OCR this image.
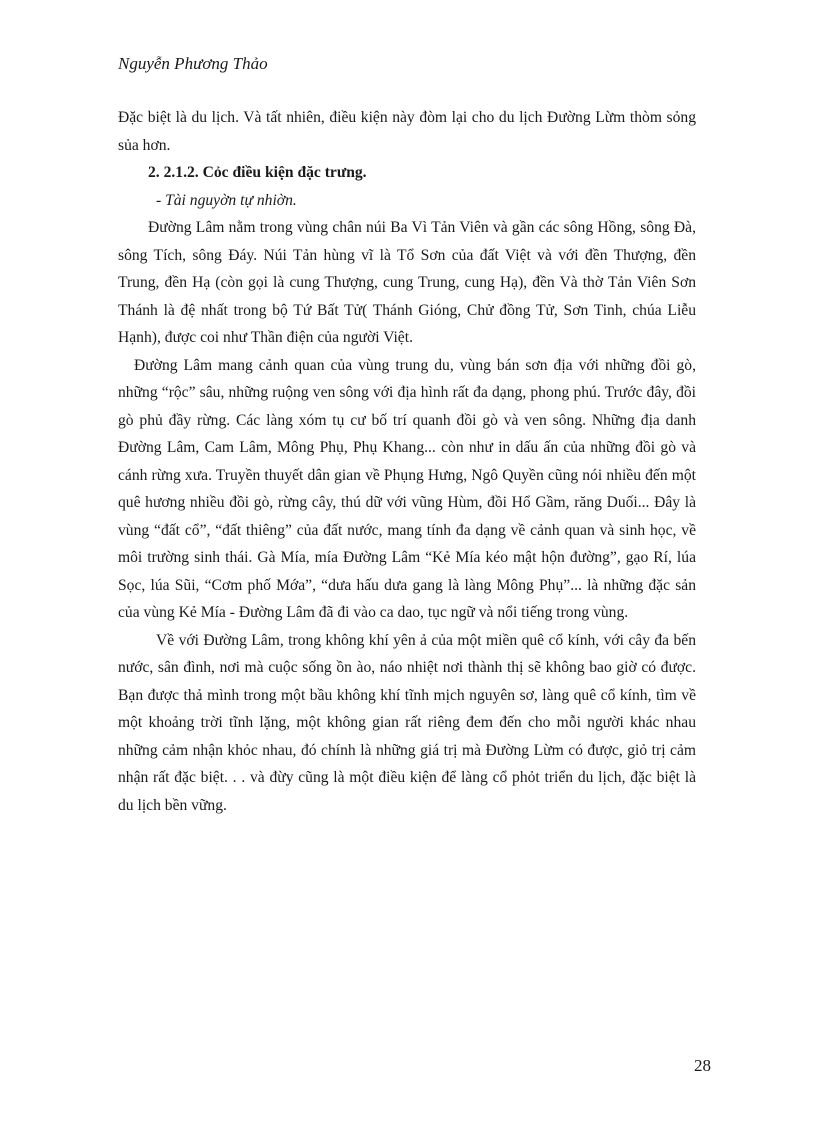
Nguyễn Phương Thảo

Đặc biệt là du lịch. Và tất nhiên, điều kiện này đòm lại cho du lịch Đường Lừm thòm sỏng sủa hơn.

2. 2.1.2. Cỏc điều kiện đặc trưng.

- Tài nguyờn tự nhiờn.

Đường Lâm nằm trong vùng chân núi Ba Vì Tản Viên và gần các sông Hồng, sông Đà, sông Tích, sông Đáy. Núi Tản hùng vĩ là Tổ Sơn của đất Việt và với đền Thượng, đền Trung, đền Hạ (còn gọi là cung Thượng, cung Trung, cung Hạ), đền Và thờ Tản Viên Sơn Thánh là đệ nhất trong bộ Tứ Bất Tử( Thánh Gióng, Chử đồng Tử, Sơn Tinh, chúa Liễu Hạnh), được coi như Thần điện của người Việt.

Đường Lâm mang cảnh quan của vùng trung du, vùng bán sơn địa với những đồi gò, những “rộc” sâu, những ruộng ven sông với địa hình rất đa dạng, phong phú. Trước đây, đồi gò phủ đầy rừng. Các làng xóm tụ cư bố trí quanh đồi gò và ven sông. Những địa danh Đường Lâm, Cam Lâm, Mông Phụ, Phụ Khang... còn như in dấu ấn của những đồi gò và cánh rừng xưa. Truyền thuyết dân gian về Phụng Hưng, Ngô Quyền cũng nói nhiều đến một quê hương nhiều đồi gò, rừng cây, thú dữ với vũng Hùm, đồi Hổ Gầm, răng Duối... Đây là vùng “đất cổ”, “đất thiêng” của đất nước, mang tính đa dạng về cảnh quan và sinh học, về môi trường sinh thái. Gà Mía, mía Đường Lâm “Kẻ Mía kéo mật hộn đường”, gạo Rí, lúa Sọc, lúa Sũi, “Cơm phố Mớa”, “dưa hấu dưa gang là làng Mông Phụ”... là những đặc sản của vùng Kẻ Mía - Đường Lâm đã đi vào ca dao, tục ngữ và nổi tiếng trong vùng.

Về với Đường Lâm, trong không khí yên ả của một miền quê cổ kính, với cây đa bến nước, sân đình, nơi mà cuộc sống ồn ào, náo nhiệt nơi thành thị sẽ không bao giờ có được. Bạn được thả mình trong một bầu không khí tĩnh mịch nguyên sơ, làng quê cổ kính, tìm về một khoảng trời tĩnh lặng, một không gian rất riêng đem đến cho mỗi người khác nhau những cảm nhận khỏc nhau, đó chính là những giá trị mà Đường Lừm có được, giỏ trị cảm nhận rất đặc biệt. . . và đừy cũng là một điều kiện để làng cổ phỏt triển du lịch, đặc biệt là du lịch bền vững.

28
